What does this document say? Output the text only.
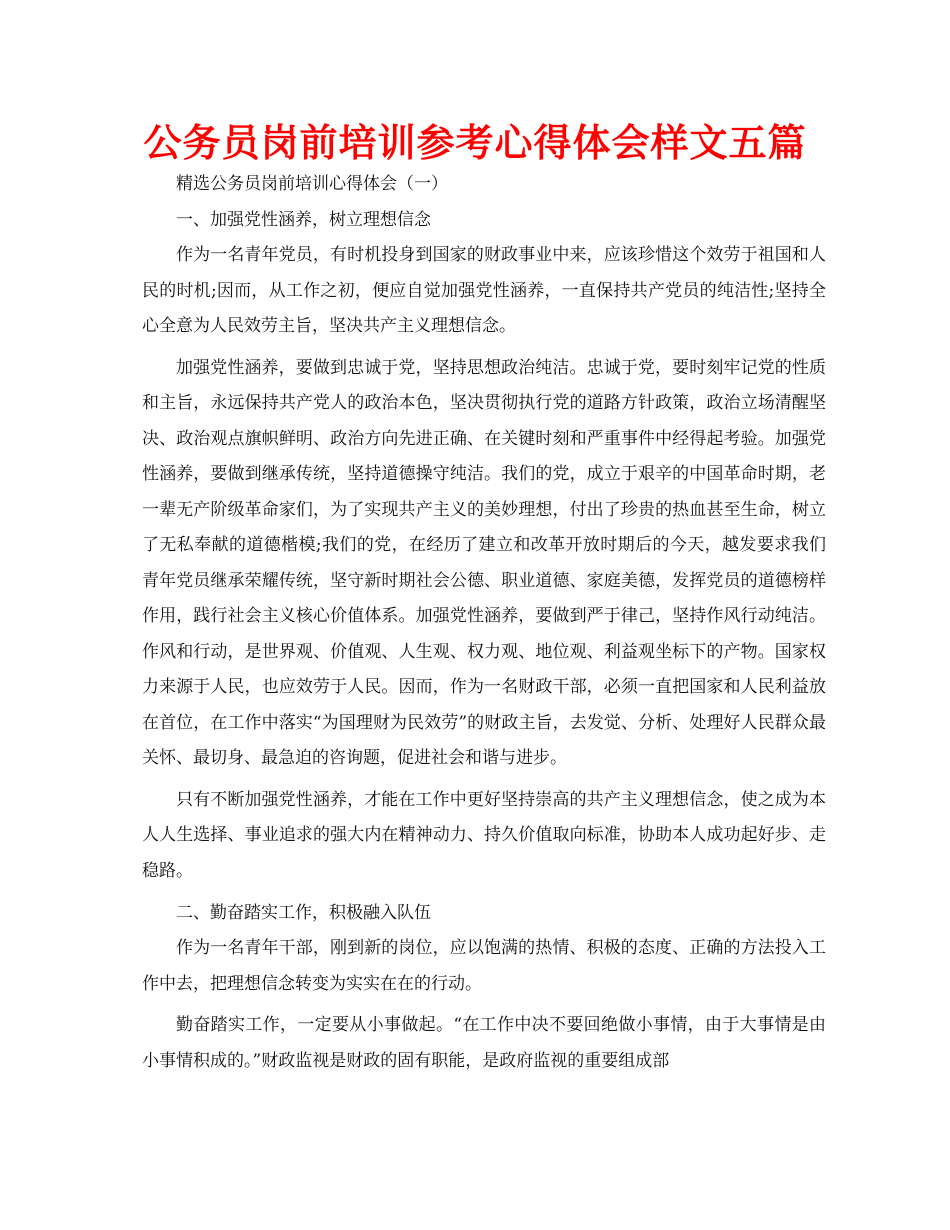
公务员岗前培训参考心得体会样文五篇

精选公务员岗前培训心得体会（一）

一、加强党性涵养，树立理想信念

作为一名青年党员，有时机投身到国家的财政事业中来，应该珍惜这个效劳于祖国和人民的时机;因而，从工作之初，便应自觉加强党性涵养，一直保持共产党员的纯洁性;坚持全心全意为人民效劳主旨，坚决共产主义理想信念。

加强党性涵养，要做到忠诚于党，坚持思想政治纯洁。忠诚于党，要时刻牢记党的性质和主旨，永远保持共产党人的政治本色，坚决贯彻执行党的道路方针政策，政治立场清醒坚决、政治观点旗帜鲜明、政治方向先进正确、在关键时刻和严重事件中经得起考验。加强党性涵养，要做到继承传统，坚持道德操守纯洁。我们的党，成立于艰辛的中国革命时期，老一辈无产阶级革命家们，为了实现共产主义的美妙理想，付出了珍贵的热血甚至生命，树立了无私奉献的道德楷模;我们的党，在经历了建立和改革开放时期后的今天，越发要求我们青年党员继承荣耀传统，坚守新时期社会公德、职业道德、家庭美德，发挥党员的道德榜样作用，践行社会主义核心价值体系。加强党性涵养，要做到严于律己，坚持作风行动纯洁。作风和行动，是世界观、价值观、人生观、权力观、地位观、利益观坐标下的产物。国家权力来源于人民，也应效劳于人民。因而，作为一名财政干部，必须一直把国家和人民利益放在首位，在工作中落实“为国理财为民效劳”的财政主旨，去发觉、分析、处理好人民群众最关怀、最切身、最急迫的咨询题，促进社会和谐与进步。

只有不断加强党性涵养，才能在工作中更好坚持崇高的共产主义理想信念，使之成为本人人生选择、事业追求的强大内在精神动力、持久价值取向标准，协助本人成功起好步、走稳路。

二、勤奋踏实工作，积极融入队伍

作为一名青年干部，刚到新的岗位，应以饱满的热情、积极的态度、正确的方法投入工作中去，把理想信念转变为实实在在的行动。

勤奋踏实工作，一定要从小事做起。“在工作中决不要回绝做小事情，由于大事情是由小事情积成的。”财政监视是财政的固有职能，是政府监视的重要组成部
